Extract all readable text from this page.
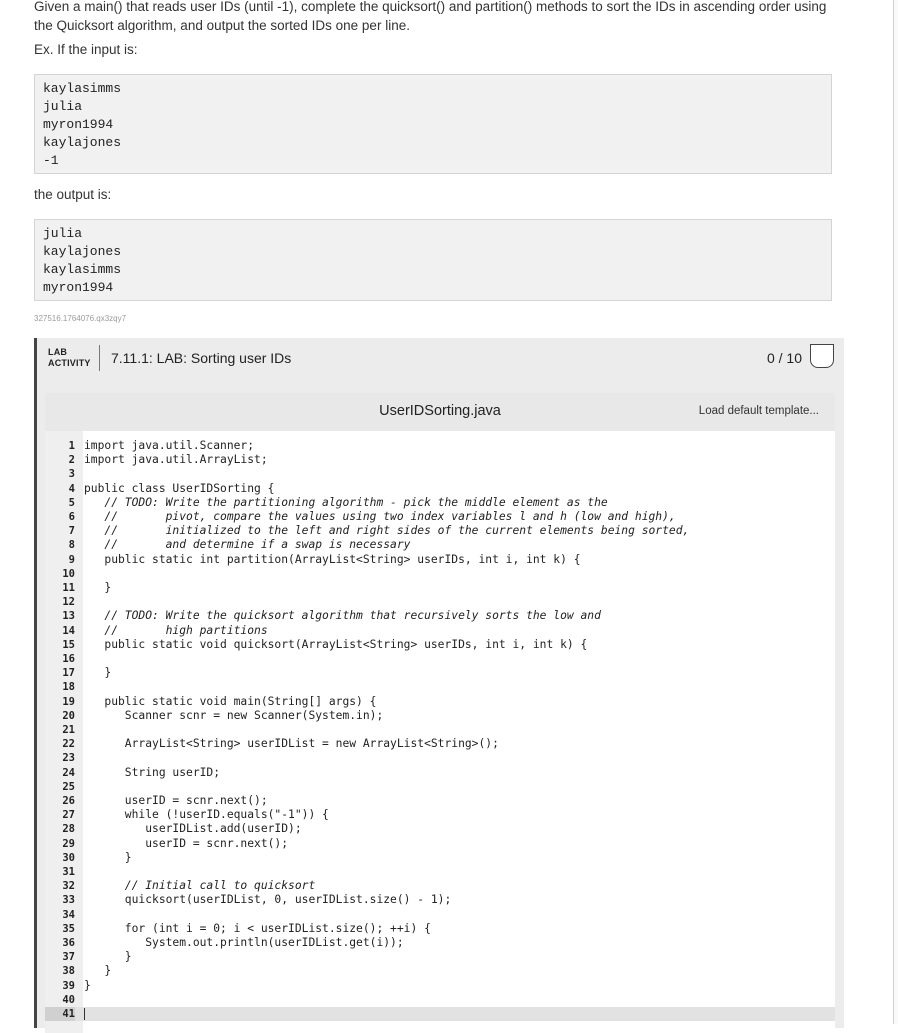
Given a main() that reads user IDs (until -1), complete the quicksort() and partition() methods to sort the IDs in ascending order using the Quicksort algorithm, and output the sorted IDs one per line.
Ex. If the input is:
kaylasimms
julia
myron1994
kaylajones
-1
the output is:
julia
kaylajones
kaylasimms
myron1994
327516.1764076.qx3zqy7
LAB
ACTIVITY 7.11.1: LAB: Sorting user IDs	0 / 10
UserIDSorting.java	Load default template...
1 import java.util.Scanner;
2 import java.util.ArrayList;
3
4 public class UserIDSorting {
5 // TODO: Write the partitioning algorithm - pick the middle element as the
6 //       pivot, compare the values using two index variables l and h (low and high),
7 //       initialized to the left and right sides of the current elements being sorted,
8 //       and determine if a swap is necessary
9 public static int partition(ArrayList<String> userIDs, int i, int k) {
10
11 }
12
13 // TODO: Write the quicksort algorithm that recursively sorts the low and
14 //       high partitions
15 public static void quicksort(ArrayList<String> userIDs, int i, int k) {
16
17 }
18
19 public static void main(String[] args) {
20 Scanner scnr = new Scanner(System.in);
21
22 ArrayList<String> userIDList = new ArrayList<String>();
23
24 String userID;
25
26 userID = scnr.next();
27 while (!userID.equals("-1")) {
28 userIDList.add(userID);
29 userID = scnr.next();
30 }
31
32 // Initial call to quicksort
33 quicksort(userIDList, 0, userIDList.size() - 1);
34
35 for (int i = 0; i < userIDList.size(); ++i) {
36 System.out.println(userIDList.get(i));
37 }
38 }
39 }
40
41
